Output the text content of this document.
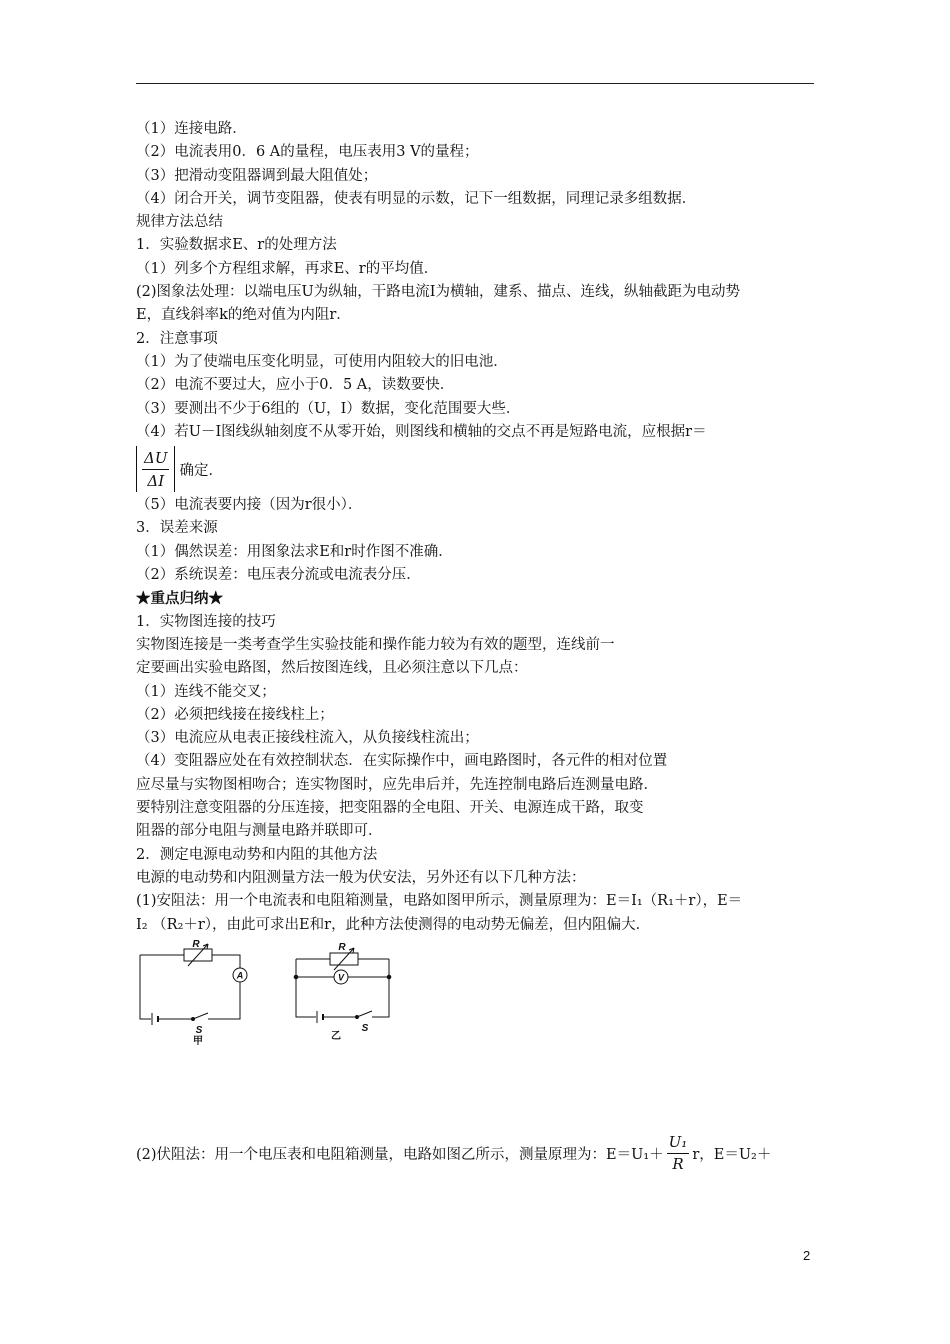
（1）连接电路．
（2）电流表用0．6 A的量程，电压表用3 V的量程；
（3）把滑动变阻器调到最大阻值处；
（4）闭合开关，调节变阻器，使表有明显的示数，记下一组数据，同理记录多组数据．
规律方法总结
1．实验数据求E、r的处理方法
（1）列多个方程组求解，再求E、r的平均值．
(2)图象法处理：以端电压U为纵轴，干路电流I为横轴，建系、描点、连线，纵轴截距为电动势
E，直线斜率k的绝对值为内阻r．
2．注意事项
（1）为了使端电压变化明显，可使用内阻较大的旧电池．
（2）电流不要过大，应小于0．5 A，读数要快．
（3）要测出不少于6组的（U，I）数据，变化范围要大些．
（4）若U－I图线纵轴刻度不从零开始，则图线和横轴的交点不再是短路电流，应根据r＝
$\frac{\Delta U}{\Delta I}$ 确定．
（5）电流表要内接（因为r很小）．
3．误差来源
（1）偶然误差：用图象法求E和r时作图不准确．
（2）系统误差：电压表分流或电流表分压．
★重点归纳★
1．实物图连接的技巧
实物图连接是一类考查学生实验技能和操作能力较为有效的题型，连线前一
定要画出实验电路图，然后按图连线，且必须注意以下几点：
（1）连线不能交叉；
（2）必须把线接在接线柱上；
（3）电流应从电表正接线柱流入，从负接线柱流出；
（4）变阻器应处在有效控制状态．在实际操作中，画电路图时，各元件的相对位置
应尽量与实物图相吻合；连实物图时，应先串后并，先连控制电路后连测量电路．
要特别注意变阻器的分压连接，把变阻器的全电阻、开关、电源连成干路，取变
阻器的部分电阻与测量电路并联即可．
2．测定电源电动势和内阻的其他方法
电源的电动势和内阻测量方法一般为伏安法，另外还有以下几种方法：
(1)安阻法：用一个电流表和电阻箱测量，电路如图甲所示，测量原理为：E＝I₁（R₁＋r），E＝
I₂ （R₂＋r），由此可求出E和r，此种方法使测得的电动势无偏差，但内阻偏大．
R
A
S
甲
R
V
S
乙
(2)伏阻法：用一个电压表和电阻箱测量，电路如图乙所示，测量原理为：$E=U_1+ \frac{\text{U₁}}{R}$ r，E＝U₂＋
2
